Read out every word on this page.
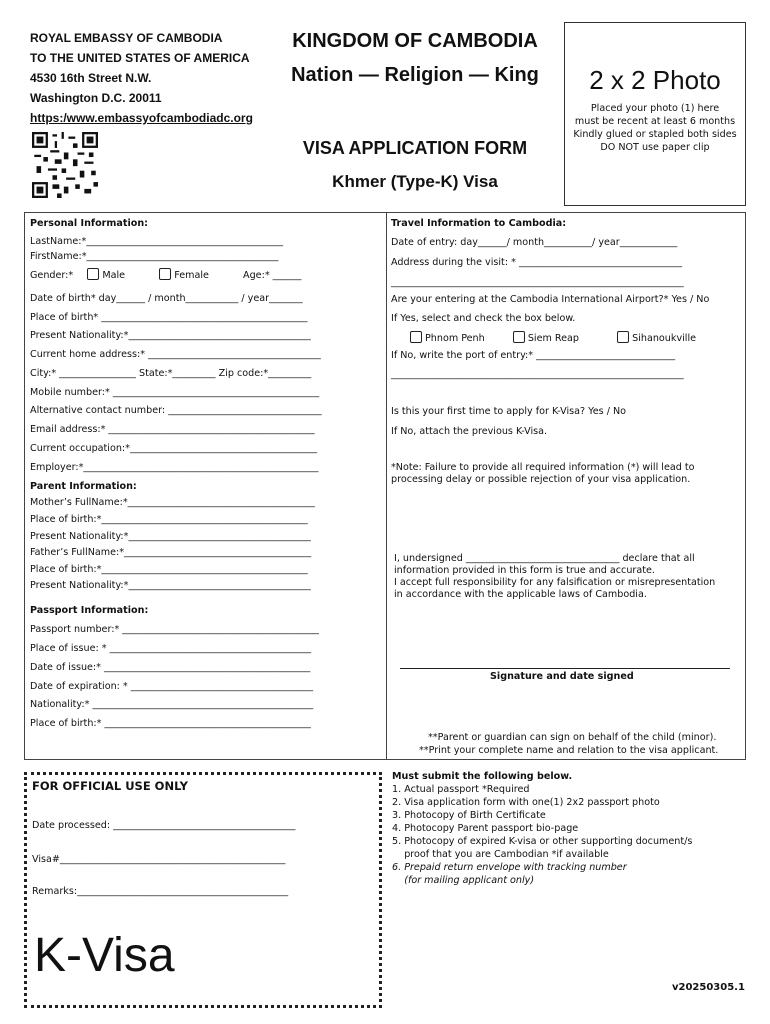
ROYAL EMBASSY OF CAMBODIA
TO THE UNITED STATES OF AMERICA
4530 16th Street N.W.
Washington D.C. 20011
https:/www.embassyofcambodiadc.org
KINGDOM OF CAMBODIA
Nation — Religion — King
VISA APPLICATION FORM
Khmer (Type-K) Visa
2 x 2 Photo
Placed your photo (1) here
must be recent at least 6 months
Kindly glued or stapled both sides
DO NOT use paper clip
Personal Information:
LastName:*_________________________________________
FirstName:*________________________________________
Gender:*	Male	Female	Age:* ______
Date of birth* day______ / month___________ / year_______
Place of birth* ___________________________________________
Present Nationality:*______________________________________
Current home address:* ____________________________________
City:* ________________ State:*_________ Zip code:*_________
Mobile number:* ___________________________________________
Alternative contact number: ________________________________
Email address:* ___________________________________________
Current occupation:*_______________________________________
Employer:*_________________________________________________
Parent Information:
Mother’s FullName:*_______________________________________
Place of birth:*___________________________________________
Present Nationality:*______________________________________
Father’s FullName:*_______________________________________
Place of birth:*___________________________________________
Present Nationality:*______________________________________
Passport Information:
Passport number:* _________________________________________
Place of issue: * __________________________________________
Date of issue:* ___________________________________________
Date of expiration: * ______________________________________
Nationality:* ______________________________________________
Place of birth:* ___________________________________________
Travel Information to Cambodia:
Date of entry: day______/ month__________/ year____________
Address during the visit: * __________________________________
_____________________________________________________________
Are your entering at the Cambodia International Airport?* Yes / No
If Yes, select and check the box below.
Phnom Penh	Siem Reap	Sihanoukville
If No, write the port of entry:* _____________________________
_____________________________________________________________
Is this your first time to apply for K-Visa? Yes / No
If No, attach the previous K-Visa.
*Note: Failure to provide all required information (*) will lead to
processing delay or possible rejection of your visa application.
I, undersigned ________________________________ declare that all
information provided in this form is true and accurate.
I accept full responsibility for any falsification or misrepresentation
in accordance with the applicable laws of Cambodia.
Signature and date signed
**Parent or guardian can sign on behalf of the child (minor).
**Print your complete name and relation to the visa applicant.
FOR OFFICIAL USE ONLY
Date processed: ______________________________________
Visa#_______________________________________________
Remarks:____________________________________________
K-Visa
Must submit the following below.
1. Actual passport *Required
2. Visa application form with one(1) 2x2 passport photo
3. Photocopy of Birth Certificate
4. Photocopy Parent passport bio-page
5. Photocopy of expired K-visa or other supporting document/s
proof that you are Cambodian *if available
6. Prepaid return envelope with tracking number
(for mailing applicant only)
v20250305.1
